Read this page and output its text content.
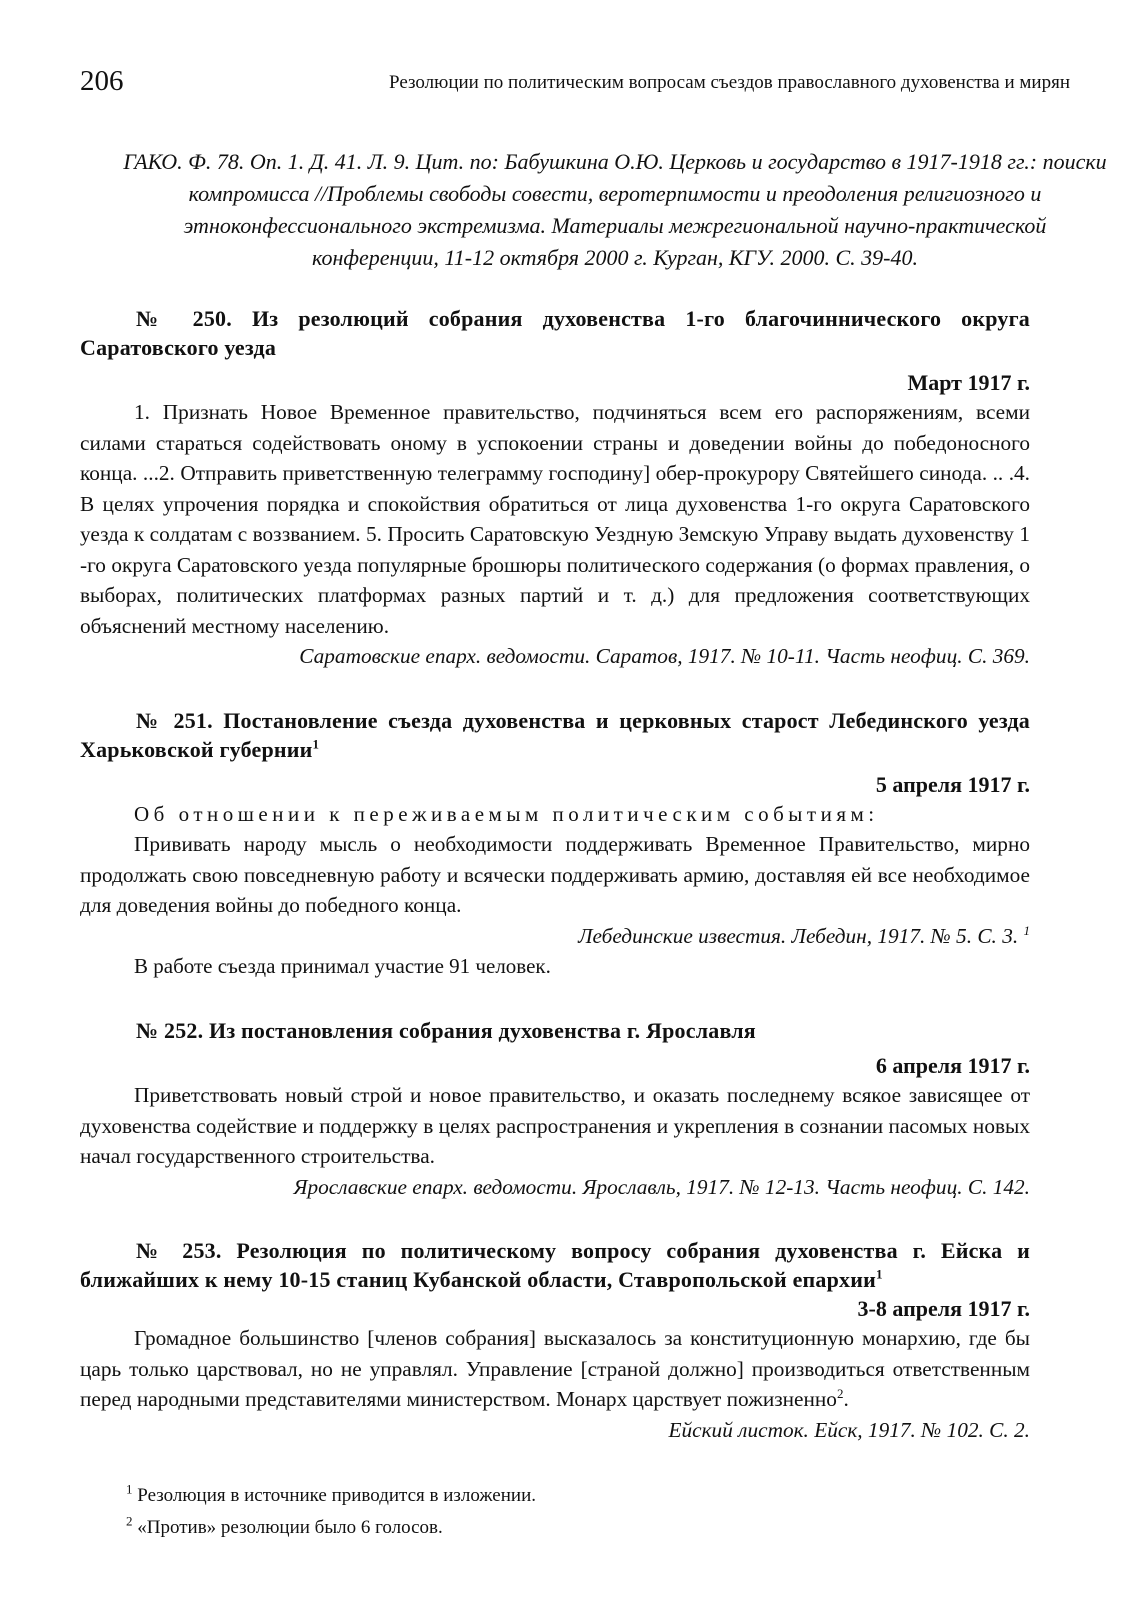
206	Резолюции по политическим вопросам съездов православного духовенства и мирян
ГАКО. Ф. 78. Оп. 1. Д. 41. Л. 9. Цит. по: Бабушкина О.Ю. Церковь и государство в 1917-1918 гг.: поиски компромисса //Проблемы свободы совести, веротерпимости и преодоления религиозного и этноконфессионального экстремизма. Материалы межрегиональной научно-практической конференции, 11-12 октября 2000 г. Курган, КГУ. 2000. С. 39-40.
№ 250. Из резолюций собрания духовенства 1-го благочиннического округа Саратовского уезда
Март 1917 г.
1. Признать Новое Временное правительство, подчиняться всем его распоряжениям, всеми силами стараться содействовать оному в успокоении страны и доведении войны до победоносного конца. ...2. Отправить приветственную телеграмму господину] обер-прокурору Святейшего синода. .. .4. В целях упрочения порядка и спокойствия обратиться от лица духовенства 1-го округа Саратовского уезда к солдатам с воззванием. 5. Просить Саратовскую Уездную Земскую Управу выдать духовенству 1 -го округа Саратовского уезда популярные брошюры политического содержания (о формах правления, о выборах, политических платформах разных партий и т. д.) для предложения соответствующих объяснений местному населению.
Саратовские епарх. ведомости. Саратов, 1917. № 10-11. Часть неофиц. С. 369.
№ 251. Постановление съезда духовенства и церковных старост Лебединского уезда Харьковской губернии$^1$
5 апреля 1917 г.
Об отношении к переживаемым политическим событиям:
Прививать народу мысль о необходимости поддерживать Временное Правительство, мирно продолжать свою повседневную работу и всячески поддерживать армию, доставляя ей все необходимое для доведения войны до победного конца.
Лебединские известия. Лебедин, 1917. № 5. С. 3. $^1$
В работе съезда принимал участие 91 человек.
№ 252. Из постановления собрания духовенства г. Ярославля
6 апреля 1917 г.
Приветствовать новый строй и новое правительство, и оказать последнему всякое зависящее от духовенства содействие и поддержку в целях распространения и укрепления в сознании пасомых новых начал государственного строительства.
Ярославские епарх. ведомости. Ярославль, 1917. № 12-13. Часть неофиц. С. 142.
№ 253. Резолюция по политическому вопросу собрания духовенства г. Ейска и ближайших к нему 10-15 станиц Кубанской области, Ставропольской епархии$^1$
3-8 апреля 1917 г.
Громадное большинство [членов собрания] высказалось за конституционную монархию, где бы царь только царствовал, но не управлял. Управление [страной должно] производиться ответственным перед народными представителями министерством. Монарх царствует пожизненно$^2$.
Ейский листок. Ейск, 1917. № 102. С. 2.
$^1$ Резолюция в источнике приводится в изложении.
$^2$ «Против» резолюции было 6 голосов.
